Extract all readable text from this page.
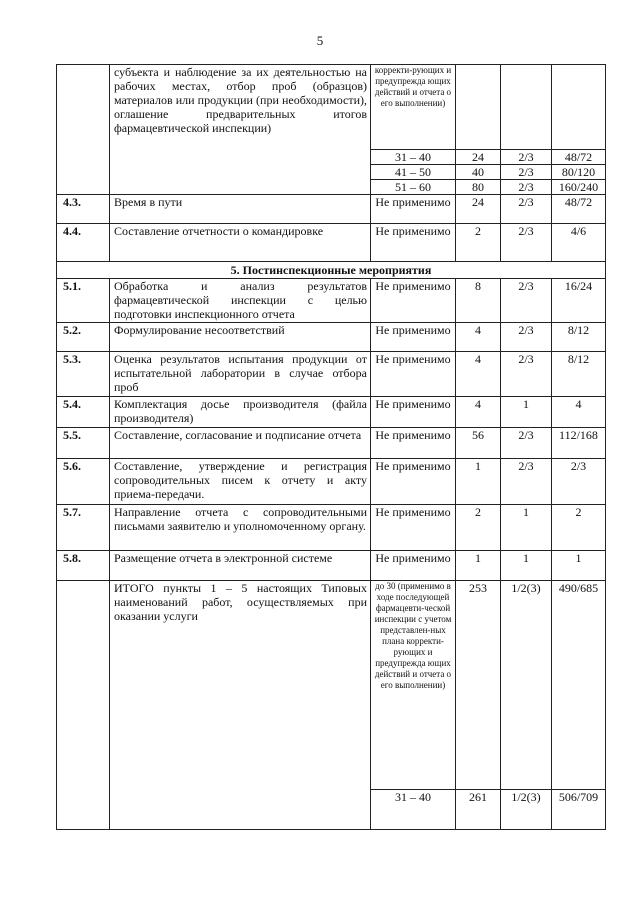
5
	субъекта и наблюдение за их деятельностью на рабочих местах, отбор проб (образцов) материалов или продукции (при необходимости), оглашение предварительных итогов фармацевтической инспекции)	корректи-рующих и предупрежда ющих действий и отчета о его выполнении)			
		31 – 40	24	2/3	48/72
		41 – 50	40	2/3	80/120
		51 – 60	80	2/3	160/240
4.3.	Время в пути	Не применимо	24	2/3	48/72
4.4.	Составление отчетности о командировке	Не применимо	2	2/3	4/6
5. Постинспекционные мероприятия					
5.1.	Обработка и анализ результатов фармацевтической инспекции с целью подготовки инспекционного отчета	Не применимо	8	2/3	16/24
5.2.	Формулирование несоответствий	Не применимо	4	2/3	8/12
5.3.	Оценка результатов испытания продукции от испытательной лаборатории в случае отбора проб	Не применимо	4	2/3	8/12
5.4.	Комплектация досье производителя (файла производителя)	Не применимо	4	1	4
5.5.	Составление, согласование и подписание отчета	Не применимо	56	2/3	112/168
5.6.	Составление, утверждение и регистрация сопроводительных писем к отчету и акту приема-передачи.	Не применимо	1	2/3	2/3
5.7.	Направление отчета с сопроводительными письмами заявителю и уполномоченному органу.	Не применимо	2	1	2
5.8.	Размещение отчета в электронной системе	Не применимо	1	1	1
	ИТОГО пункты 1 – 5 настоящих Типовых наименований работ, осуществляемых при оказании услуги	до 30 (применимо в ходе последующей фармацевти-ческой инспекции с учетом представлен-ных плана корректи-рующих и предупрежда ющих действий и отчета о его выполнении)	253	1/2(3)	490/685
		31 – 40	261	1/2(3)	506/709
